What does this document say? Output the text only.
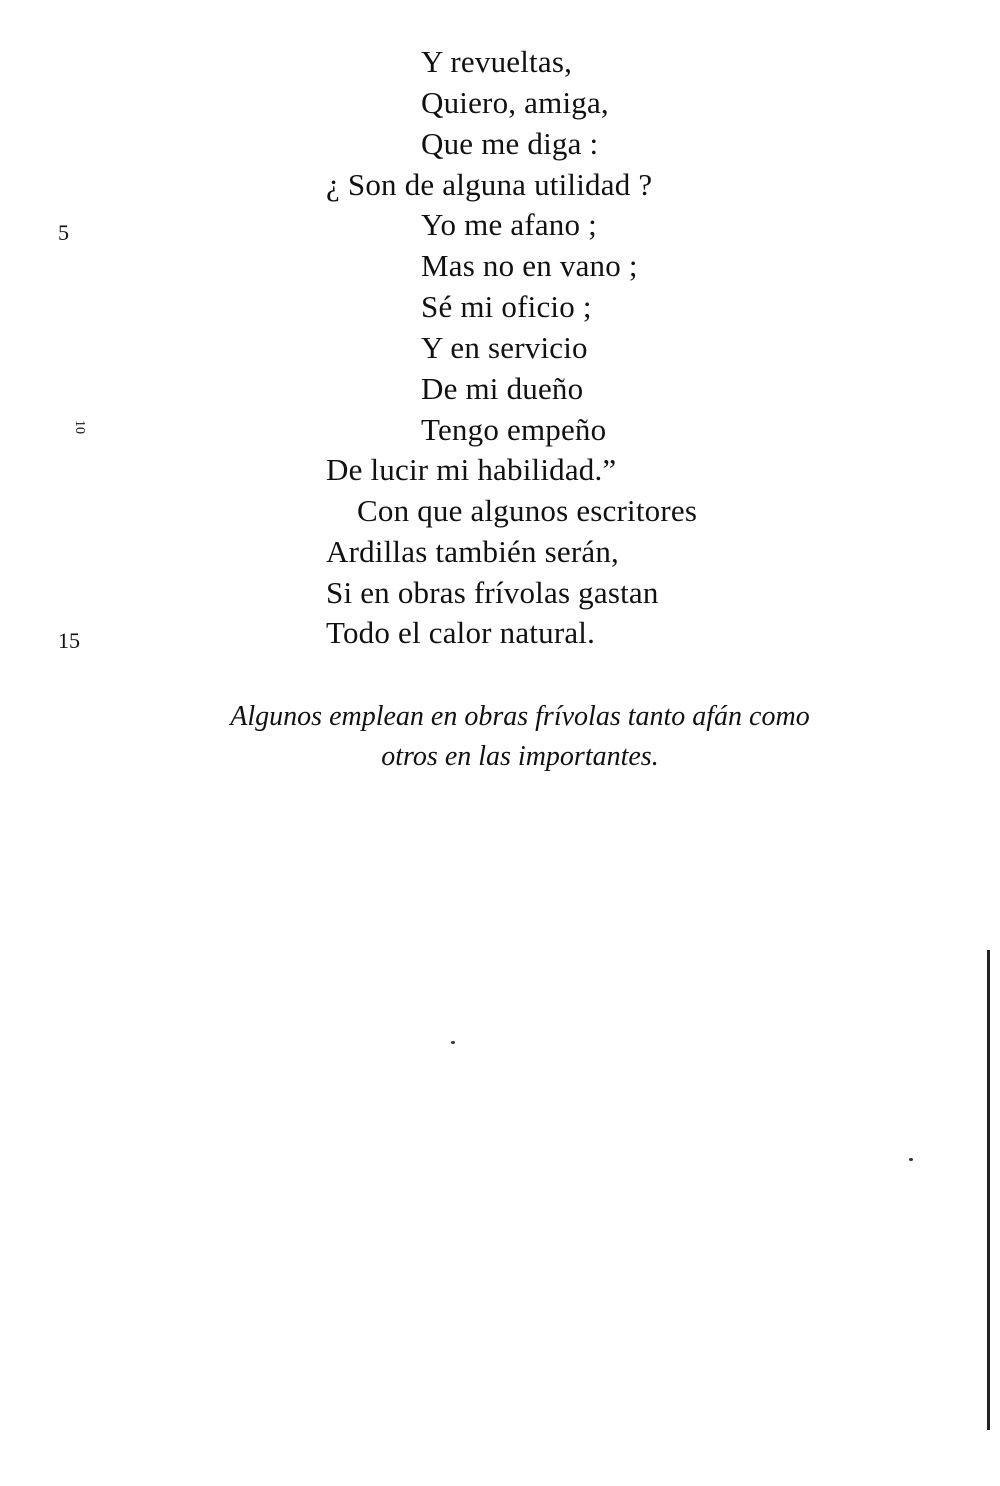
Y revueltas,
Quiero, amiga,
Que me diga :
¿ Son de alguna utilidad ?
Yo me afano ;
Mas no en vano ;
Sé mi oficio ;
Y en servicio
De mi dueño
Tengo empeño
De lucir mi habilidad.”
Con que algunos escritores
Ardillas también serán,
Si en obras frívolas gastan
Todo el calor natural.
5
10
15
Algunos emplean en obras frívolas tanto afán como
otros en las importantes.
